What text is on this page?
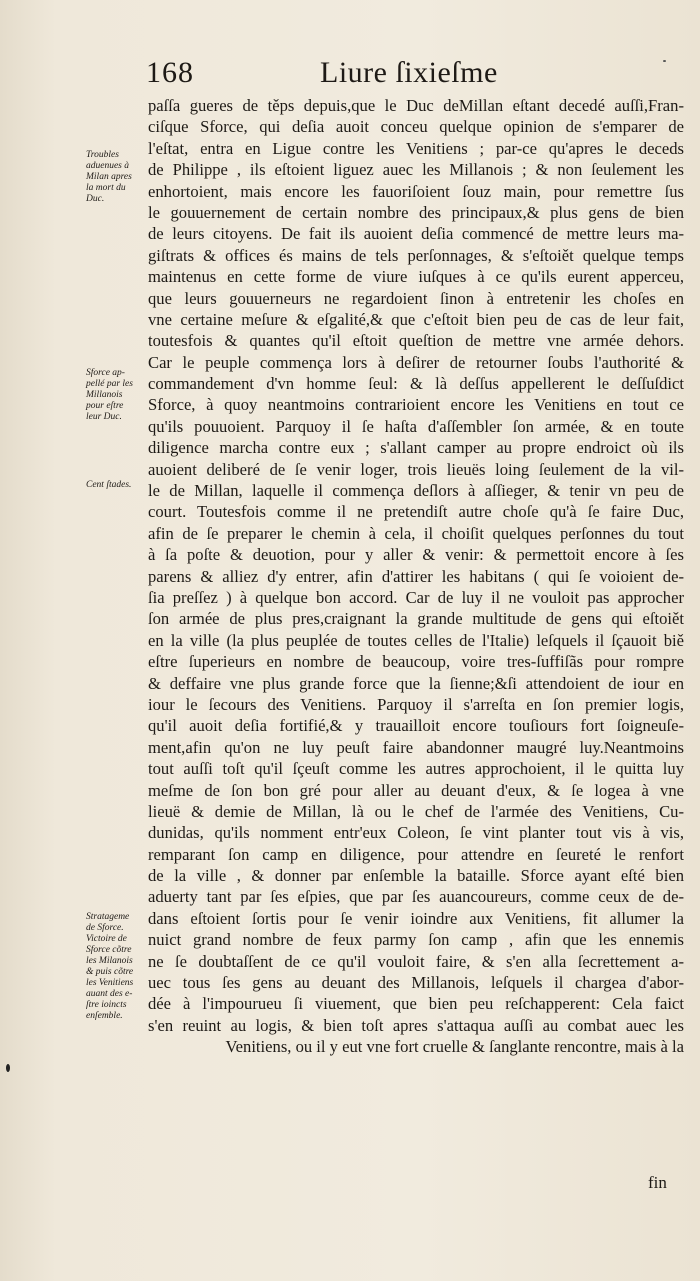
168	Liure ſixieſme
paſſa gueres de těps depuis,que le Duc deMillan eſtant decedé auſſi,Fran-
ciſque Sforce, qui deſia auoit conceu quelque opinion de s'emparer de
l'eſtat, entra en Ligue contre les Venitiens ; par-ce qu'apres le deceds
de Philippe , ils eſtoient liguez auec les Millanois ; & non ſeulement les
enhortoient, mais encore les fauoriſoient ſouz main, pour remettre ſus
le gouuernement de certain nombre des principaux,& plus gens de bien
de leurs citoyens. De fait ils auoient deſia commencé de mettre leurs ma-
giſtrats & offices és mains de tels perſonnages, & s'eſtoiět quelque temps
maintenus en cette forme de viure iuſques à ce qu'ils eurent apperceu,
que leurs gouuerneurs ne regardoient ſinon à entretenir les choſes en
vne certaine meſure & eſgalité,& que c'eſtoit bien peu de cas de leur fait,
toutesfois & quantes qu'il eſtoit queſtion de mettre vne armée dehors.
Car le peuple commença lors à deſirer de retourner ſoubs l'authorité &
commandement d'vn homme ſeul: & là deſſus appellerent le deſſuſdict
Sforce, à quoy neantmoins contrarioient encore les Venitiens en tout ce
qu'ils pouuoient. Parquoy il ſe haſta d'aſſembler ſon armée, & en toute
diligence marcha contre eux ; s'allant camper au propre endroict où ils
auoient deliberé de ſe venir loger, trois lieuës loing ſeulement de la vil-
le de Millan, laquelle il commença deſlors à aſſieger, & tenir vn peu de
court. Toutesfois comme il ne pretendiſt autre choſe qu'à ſe faire Duc,
afin de ſe preparer le chemin à cela, il choiſit quelques perſonnes du tout
à ſa poſte & deuotion, pour y aller & venir: & permettoit encore à ſes
parens & alliez d'y entrer, afin d'attirer les habitans ( qui ſe voioient de-
ſia preſſez ) à quelque bon accord. Car de luy il ne vouloit pas approcher
ſon armée de plus pres,craignant la grande multitude de gens qui eſtoiět
en la ville (la plus peuplée de toutes celles de l'Italie) leſquels il ſçauoit biě
eſtre ſuperieurs en nombre de beaucoup, voire tres-ſuffiſãs pour rompre
& deffaire vne plus grande force que la ſienne;&ſi attendoient de iour en
iour le ſecours des Venitiens. Parquoy il s'arreſta en ſon premier logis,
qu'il auoit deſia fortifié,& y trauailloit encore touſiours fort ſoigneuſe-
ment,afin qu'on ne luy peuſt faire abandonner maugré luy.Neantmoins
tout auſſi toſt qu'il ſçeuſt comme les autres approchoient, il le quitta luy
meſme de ſon bon gré pour aller au deuant d'eux, & ſe logea à vne
lieuë & demie de Millan, là ou le chef de l'armée des Venitiens, Cu-
dunidas, qu'ils nomment entr'eux Coleon, ſe vint planter tout vis à vis,
remparant ſon camp en diligence, pour attendre en ſeureté le renfort
de la ville , & donner par enſemble la bataille. Sforce ayant eſté bien
aduerty tant par ſes eſpies, que par ſes auancoureurs, comme ceux de de-
dans eſtoient ſortis pour ſe venir ioindre aux Venitiens, fit allumer la
nuict grand nombre de feux parmy ſon camp , afin que les ennemis
ne ſe doubtaſſent de ce qu'il vouloit faire, & s'en alla ſecrettement a-
uec tous ſes gens au deuant des Millanois, leſquels il chargea d'abor-
dée à l'impourueu ſi viuement, que bien peu reſchapperent: Cela faict
s'en reuint au logis, & bien toſt apres s'attaqua auſſi au combat auec les
Venitiens, ou il y eut vne fort cruelle & ſanglante rencontre, mais à la
Troubles
aduenues à
Milan apres
la mort du
Duc.
Sforce ap-
pellé par les
Millanois
pour eſtre
leur Duc.
Cent ſtades.
Stratageme
de Sforce.
Victoire de
Sforce cõtre
les Milanois
& puis cõtre
les Venitiens
auant des e-
ſtre ioincts
enſemble.
fin
